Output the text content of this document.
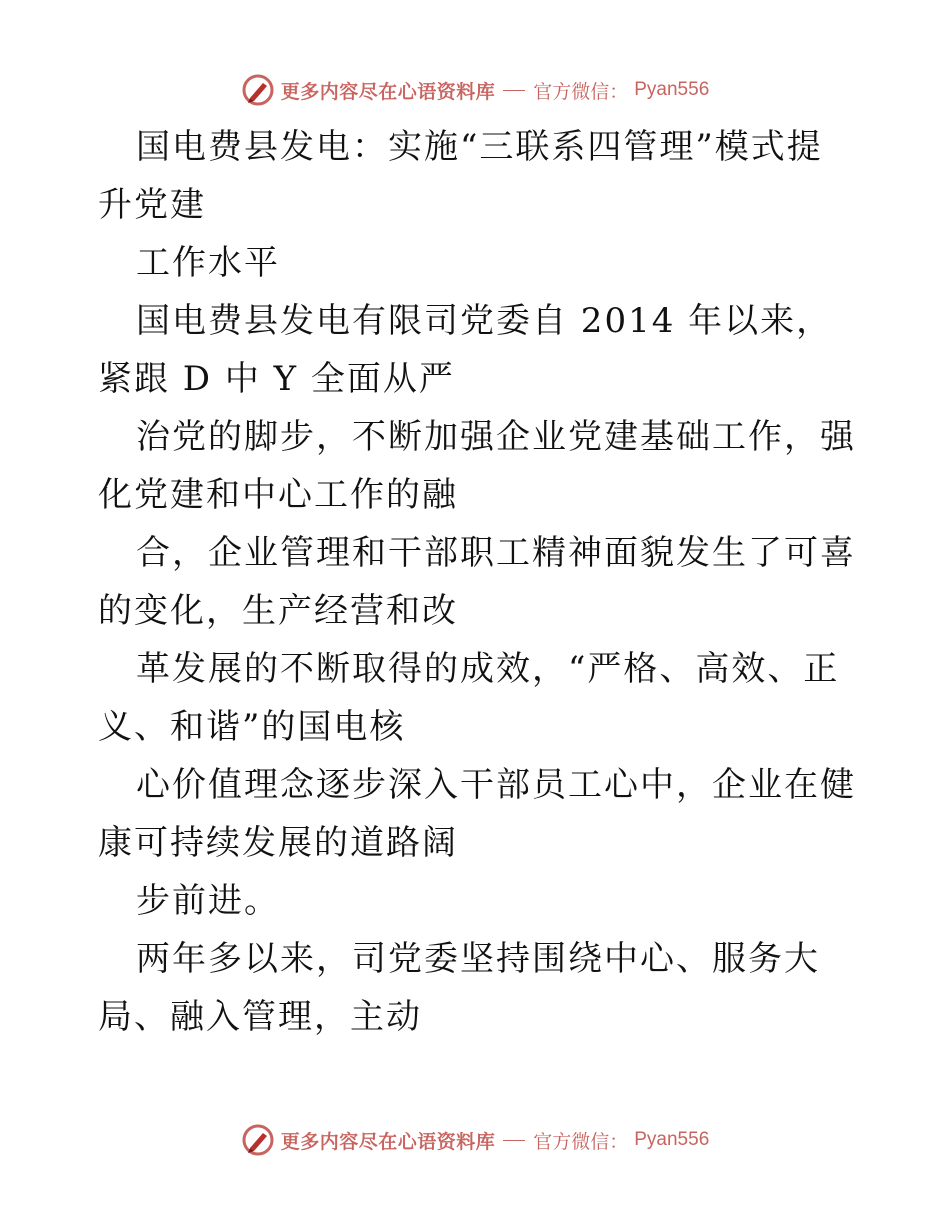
更多内容尽在心语资料库 官方微信： Pyan556

国电费县发电：实施“三联系四管理”模式提升党建

工作水平

国电费县发电有限司党委自 2014 年以来，紧跟 D 中 Y 全面从严

治党的脚步，不断加强企业党建基础工作，强化党建和中心工作的融

合，企业管理和干部职工精神面貌发生了可喜的变化，生产经营和改

革发展的不断取得的成效，“严格、高效、正 义、和谐”的国电核

心价值理念逐步深入干部员工心中，企业在健康可持续发展的道路阔

步前进。

两年多以来，司党委坚持围绕中心、服务大局、融入管理，主动

更多内容尽在心语资料库 官方微信： Pyan556
